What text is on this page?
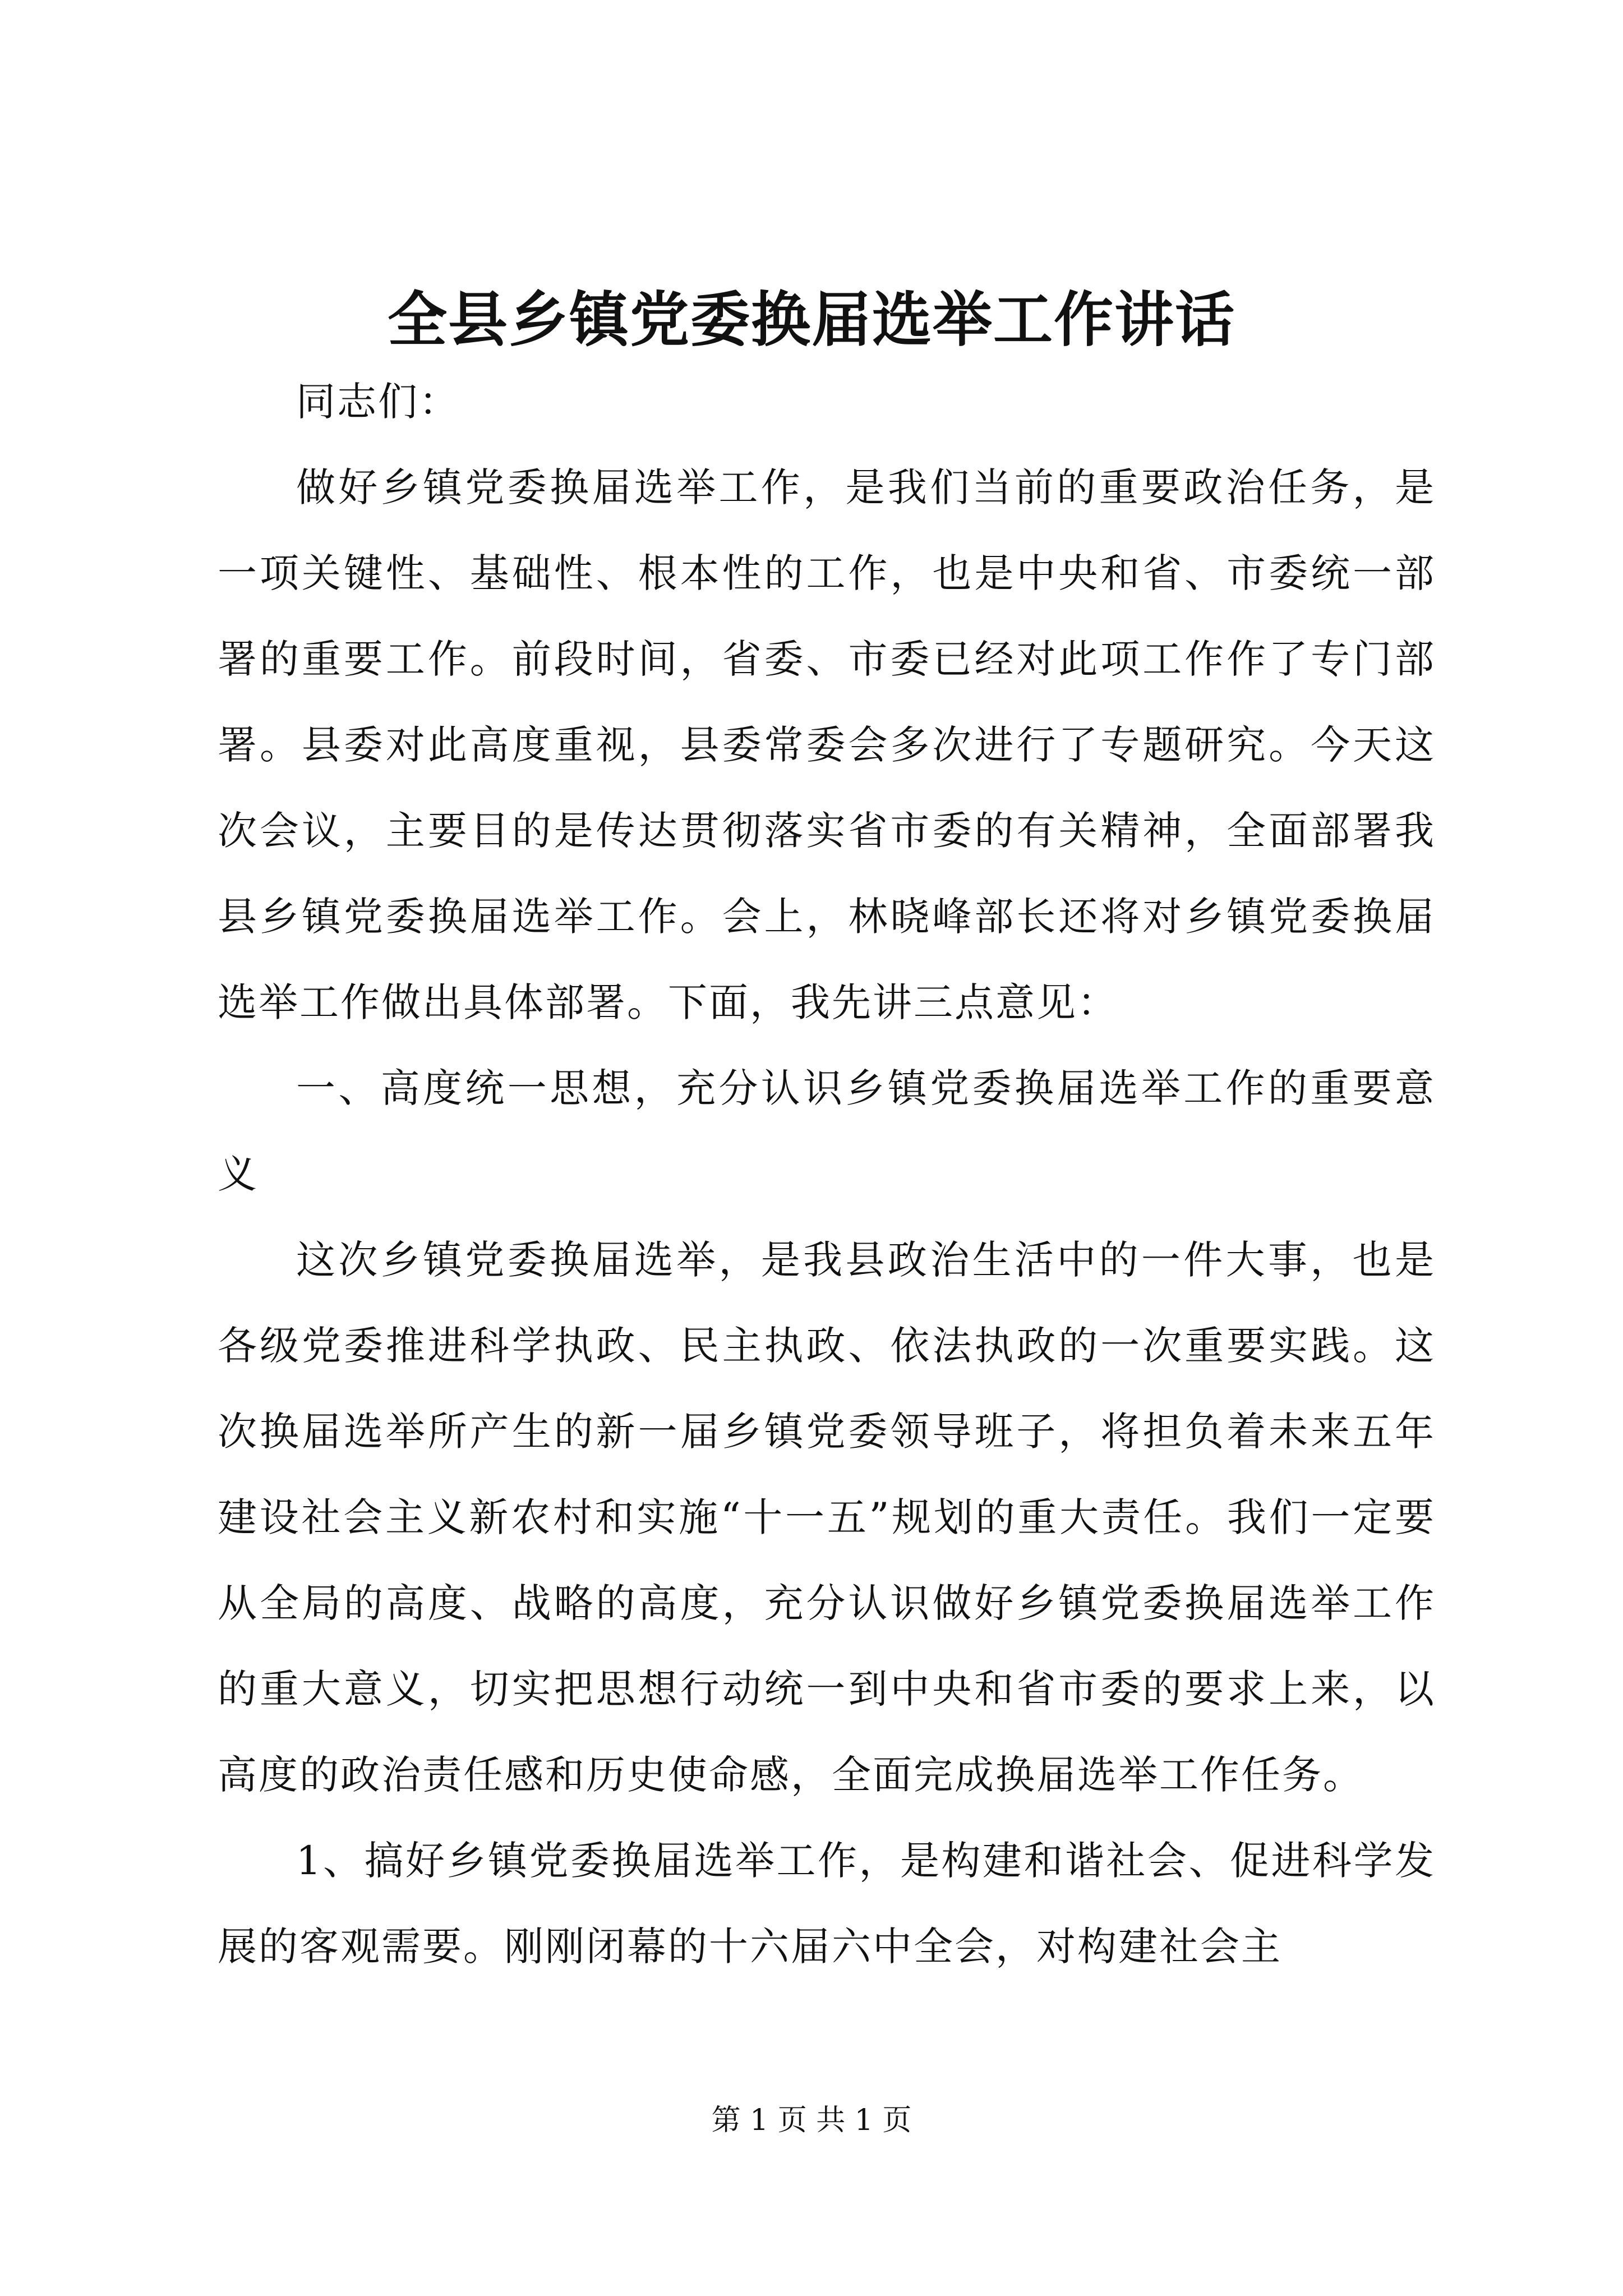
全县乡镇党委换届选举工作讲话

同志们：

做好乡镇党委换届选举工作，是我们当前的重要政治任务，是一项关键性、基础性、根本性的工作，也是中央和省、市委统一部署的重要工作。前段时间，省委、市委已经对此项工作作了专门部署。县委对此高度重视，县委常委会多次进行了专题研究。今天这次会议，主要目的是传达贯彻落实省市委的有关精神，全面部署我县乡镇党委换届选举工作。会上，林晓峰部长还将对乡镇党委换届选举工作做出具体部署。下面，我先讲三点意见：

一、高度统一思想，充分认识乡镇党委换届选举工作的重要意义

这次乡镇党委换届选举，是我县政治生活中的一件大事，也是各级党委推进科学执政、民主执政、依法执政的一次重要实践。这次换届选举所产生的新一届乡镇党委领导班子，将担负着未来五年建设社会主义新农村和实施“十一五”规划的重大责任。我们一定要从全局的高度、战略的高度，充分认识做好乡镇党委换届选举工作的重大意义，切实把思想行动统一到中央和省市委的要求上来，以高度的政治责任感和历史使命感，全面完成换届选举工作任务。

1、搞好乡镇党委换届选举工作，是构建和谐社会、促进科学发展的客观需要。刚刚闭幕的十六届六中全会，对构建社会主

第 1 页 共 1 页
